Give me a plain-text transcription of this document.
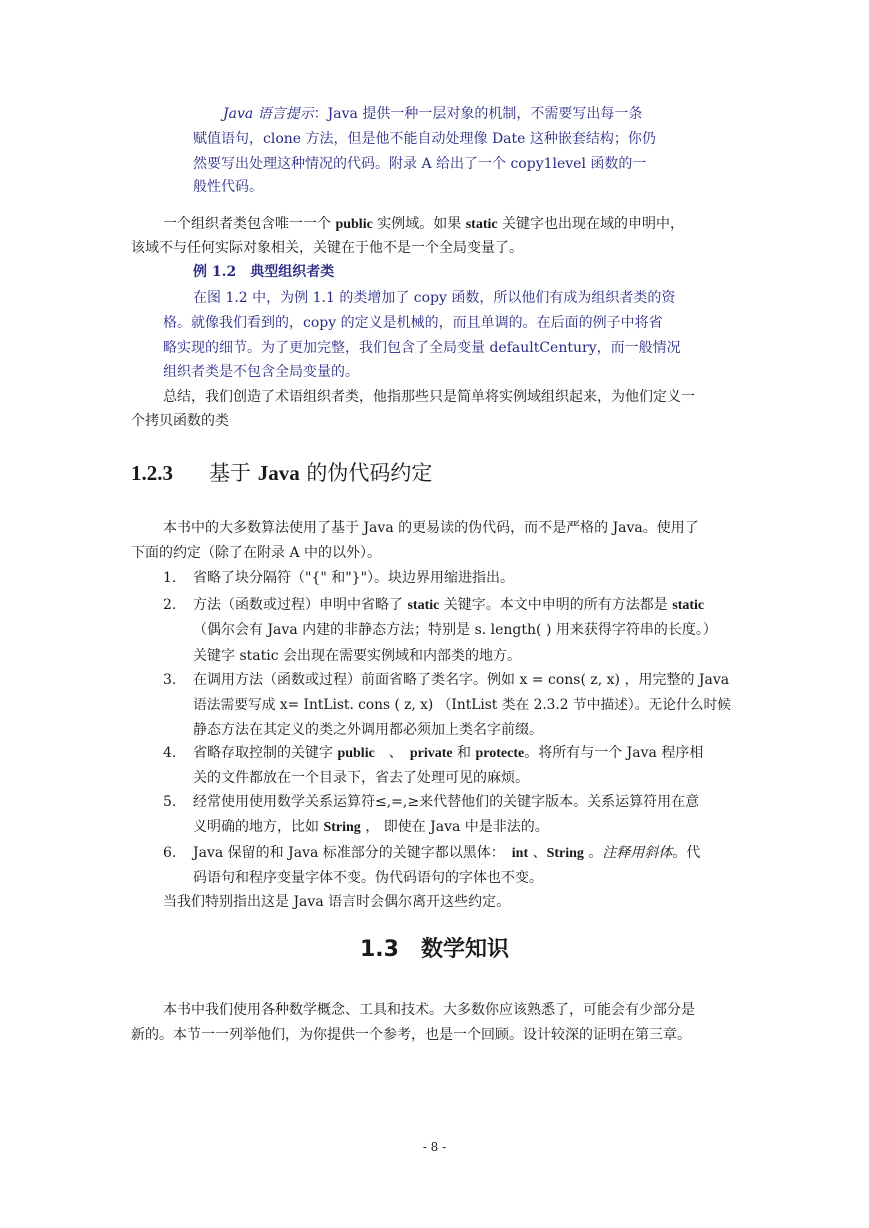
Java 语言提示：Java 提供一种一层对象的机制，不需要写出每一条
赋值语句，clone 方法，但是他不能自动处理像 Date 这种嵌套结构；你仍
然要写出处理这种情况的代码。附录 A 给出了一个 copy1level 函数的一
般性代码。
一个组织者类包含唯一一个 public 实例域。如果 static 关键字也出现在域的申明中，
该域不与任何实际对象相关，关键在于他不是一个全局变量了。
例 1.2　典型组织者类
在图 1.2 中，为例 1.1 的类增加了 copy 函数，所以他们有成为组织者类的资
格。就像我们看到的，copy 的定义是机械的，而且单调的。在后面的例子中将省
略实现的细节。为了更加完整，我们包含了全局变量 defaultCentury，而一般情况
组织者类是不包含全局变量的。
总结，我们创造了术语组织者类，他指那些只是简单将实例域组织起来，为他们定义一
个拷贝函数的类
1.2.3 基于 Java 的伪代码约定
本书中的大多数算法使用了基于 Java 的更易读的伪代码，而不是严格的 Java。使用了
下面的约定（除了在附录 A 中的以外）。
1. 省略了块分隔符（"{" 和"}"）。块边界用缩进指出。
2. 方法（函数或过程）申明中省略了 static 关键字。本文中申明的所有方法都是 static
（偶尔会有 Java 内建的非静态方法；特别是 s. length( ) 用来获得字符串的长度。）
关键字 static 会出现在需要实例域和内部类的地方。
3. 在调用方法（函数或过程）前面省略了类名字。例如 x = cons( z, x) ，用完整的 Java
语法需要写成 x= IntList. cons ( z, x) （IntList 类在 2.3.2 节中描述）。无论什么时候
静态方法在其定义的类之外调用都必须加上类名字前缀。
4. 省略存取控制的关键字 public　、　private 和 protecte。将所有与一个 Java 程序相
关的文件都放在一个目录下，省去了处理可见的麻烦。
5. 经常使用使用数学关系运算符≤,=,≥来代替他们的关键字版本。关系运算符用在意
义明确的地方，比如 String ， 即使在 Java 中是非法的。
6. Java 保留的和 Java 标准部分的关键字都以黑体：　int 、String 。注释用斜体。代
码语句和程序变量字体不变。伪代码语句的字体也不变。
当我们特别指出这是 Java 语言时会偶尔离开这些约定。
1.3 数学知识
本书中我们使用各种数学概念、工具和技术。大多数你应该熟悉了，可能会有少部分是
新的。本节一一列举他们，为你提供一个参考，也是一个回顾。设计较深的证明在第三章。
- 8 -
